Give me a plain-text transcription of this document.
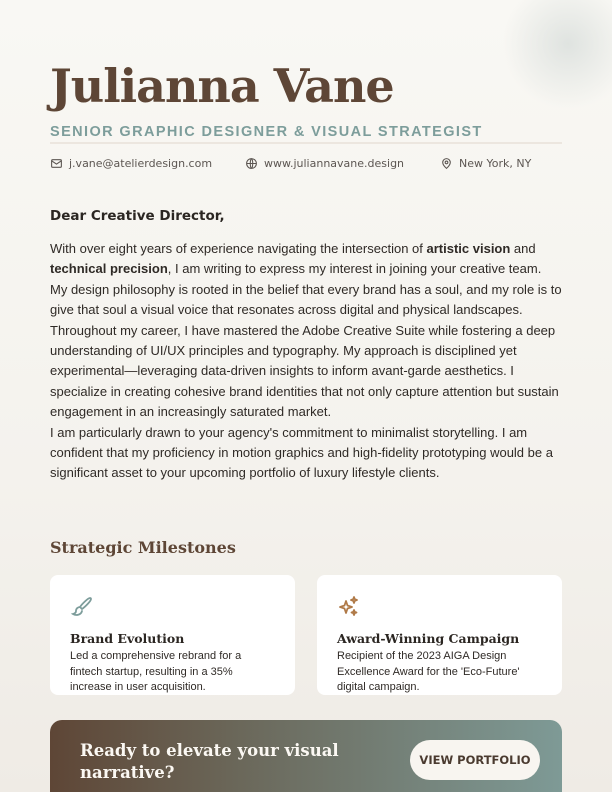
Julianna Vane
SENIOR GRAPHIC DESIGNER & VISUAL STRATEGIST
j.vane@atelierdesign.com	www.juliannavane.design	New York, NY
Dear Creative Director,

With over eight years of experience navigating the intersection of artistic vision and technical precision, I am writing to express my interest in joining your creative team. My design philosophy is rooted in the belief that every brand has a soul, and my role is to give that soul a visual voice that resonates across digital and physical landscapes.

Throughout my career, I have mastered the Adobe Creative Suite while fostering a deep understanding of UI/UX principles and typography. My approach is disciplined yet experimental—leveraging data-driven insights to inform avant-garde aesthetics. I specialize in creating cohesive brand identities that not only capture attention but sustain engagement in an increasingly saturated market.

I am particularly drawn to your agency's commitment to minimalist storytelling. I am confident that my proficiency in motion graphics and high-fidelity prototyping would be a significant asset to your upcoming portfolio of luxury lifestyle clients.

Strategic Milestones
Brand Evolution

Led a comprehensive rebrand for a fintech startup, resulting in a 35% increase in user acquisition.

Award-Winning Campaign

Recipient of the 2023 AIGA Design Excellence Award for the 'Eco-Future' digital campaign.

Ready to elevate your visual narrative?
VIEW PORTFOLIO
